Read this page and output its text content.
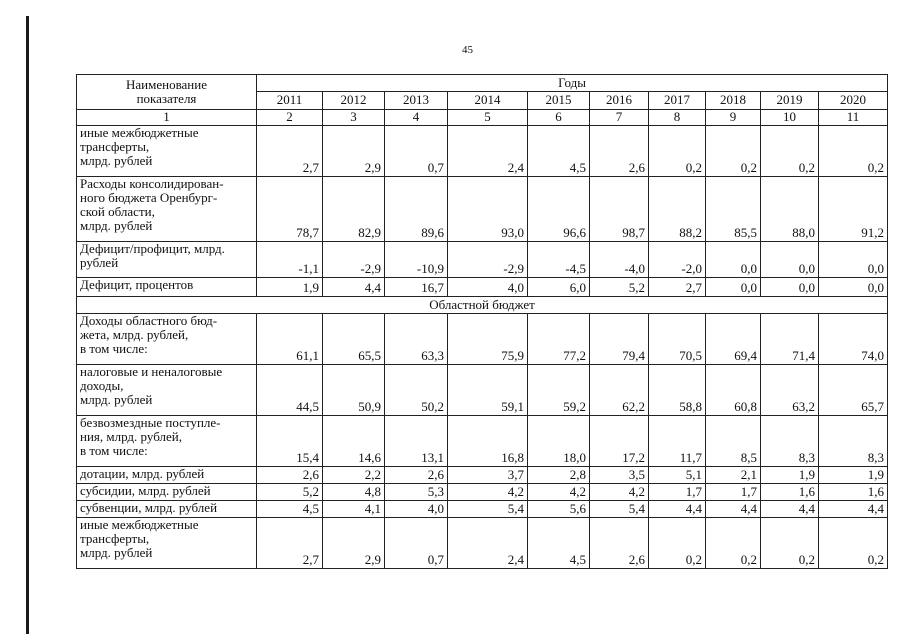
45
Наименование
показателя	Годы									
	2011	2012	2013	2014	2015	2016	2017	2018	2019	2020
1	2	3	4	5	6	7	8	9	10	11
иные межбюджетные
трансферты,
млрд. рублей	2,7	2,9	0,7	2,4	4,5	2,6	0,2	0,2	0,2	0,2
Расходы консолидирован-
ного бюджета Оренбург-
ской области,
млрд. рублей	78,7	82,9	89,6	93,0	96,6	98,7	88,2	85,5	88,0	91,2
Дефицит/профицит, млрд.
рублей	-1,1	-2,9	-10,9	-2,9	-4,5	-4,0	-2,0	0,0	0,0	0,0
Дефицит, процентов	1,9	4,4	16,7	4,0	6,0	5,2	2,7	0,0	0,0	0,0
Областной бюджет										
Доходы областного бюд-
жета, млрд. рублей,
в том числе:	61,1	65,5	63,3	75,9	77,2	79,4	70,5	69,4	71,4	74,0
налоговые и неналоговые
доходы,
млрд. рублей	44,5	50,9	50,2	59,1	59,2	62,2	58,8	60,8	63,2	65,7
безвозмездные поступле-
ния, млрд. рублей,
в том числе:	15,4	14,6	13,1	16,8	18,0	17,2	11,7	8,5	8,3	8,3
дотации, млрд. рублей	2,6	2,2	2,6	3,7	2,8	3,5	5,1	2,1	1,9	1,9
субсидии, млрд. рублей	5,2	4,8	5,3	4,2	4,2	4,2	1,7	1,7	1,6	1,6
субвенции, млрд. рублей	4,5	4,1	4,0	5,4	5,6	5,4	4,4	4,4	4,4	4,4
иные межбюджетные
трансферты,
млрд. рублей	2,7	2,9	0,7	2,4	4,5	2,6	0,2	0,2	0,2	0,2
